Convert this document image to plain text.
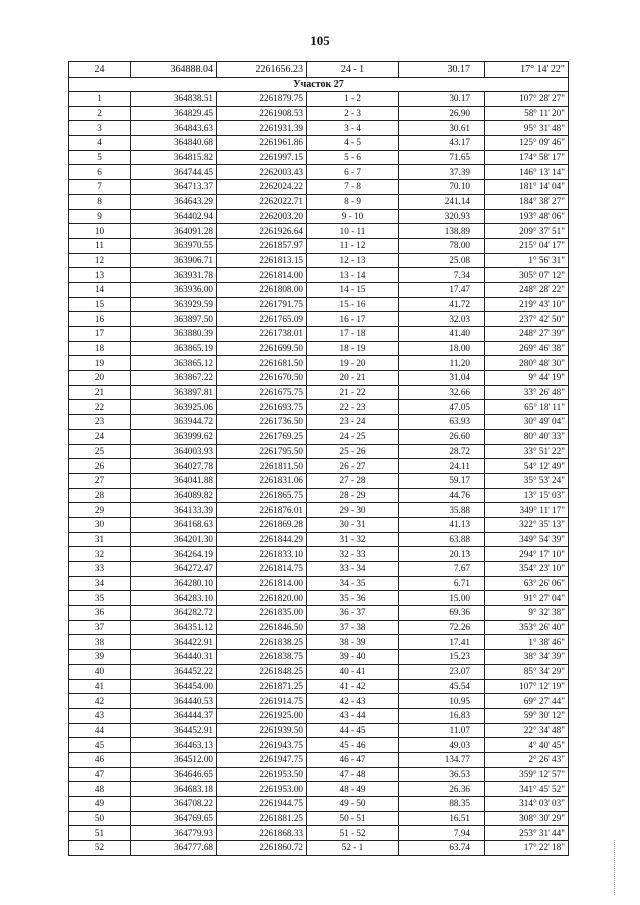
105
24	364888.04	2261656.23	24 - 1	30.17	17° 14' 22"
Участок 27					
1	364838.51	2261879.75	1 - 2	30.17	107° 28' 27"
2	364829.45	2261908.53	2 - 3	26.90	58° 11' 20"
3	364843.63	2261931.39	3 - 4	30.61	95° 31' 48"
4	364840.68	2261961.86	4 - 5	43.17	125° 09' 46"
5	364815.82	2261997.15	5 - 6	71.65	174° 58' 17"
6	364744.45	2262003.43	6 - 7	37.39	146° 13' 14"
7	364713.37	2262024.22	7 - 8	70.10	181° 14' 04"
8	364643.29	2262022.71	8 - 9	241.14	184° 38' 27"
9	364402.94	2262003.20	9 - 10	320.93	193° 48' 06"
10	364091.28	2261926.64	10 - 11	138.89	209° 37' 51"
11	363970.55	2261857.97	11 - 12	78.00	215° 04' 17"
12	363906.71	2261813.15	12 - 13	25.08	1° 56' 31"
13	363931.78	2261814.00	13 - 14	7.34	305° 07' 12"
14	363936.00	2261808.00	14 - 15	17.47	248° 28' 22"
15	363929.59	2261791.75	15 - 16	41.72	219° 43' 10"
16	363897.50	2261765.09	16 - 17	32.03	237° 42' 50"
17	363880.39	2261738.01	17 - 18	41.40	248° 27' 39"
18	363865.19	2261699.50	18 - 19	18.00	269° 46' 38"
19	363865.12	2261681.50	19 - 20	11.20	280° 48' 30"
20	363867.22	2261670.50	20 - 21	31.04	9° 44' 19"
21	363897.81	2261675.75	21 - 22	32.66	33° 26' 48"
22	363925.06	2261693.75	22 - 23	47.05	65° 18' 11"
23	363944.72	2261736.50	23 - 24	63.93	30° 49' 04"
24	363999.62	2261769.25	24 - 25	26.60	80° 40' 33"
25	364003.93	2261795.50	25 - 26	28.72	33° 51' 22"
26	364027.78	2261811.50	26 - 27	24.11	54° 12' 49"
27	364041.88	2261831.06	27 - 28	59.17	35° 53' 24"
28	364089.82	2261865.75	28 - 29	44.76	13° 15' 03"
29	364133.39	2261876.01	29 - 30	35.88	349° 11' 17"
30	364168.63	2261869.28	30 - 31	41.13	322° 35' 13"
31	364201.30	2261844.29	31 - 32	63.88	349° 54' 39"
32	364264.19	2261833.10	32 - 33	20.13	294° 17' 10"
33	364272.47	2261814.75	33 - 34	7.67	354° 23' 10"
34	364280.10	2261814.00	34 - 35	6.71	63° 26' 06"
35	364283.10	2261820.00	35 - 36	15.00	91° 27' 04"
36	364282.72	2261835.00	36 - 37	69.36	9° 32' 38"
37	364351.12	2261846.50	37 - 38	72.26	353° 26' 40"
38	364422.91	2261838.25	38 - 39	17.41	1° 38' 46"
39	364440.31	2261838.75	39 - 40	15.23	38° 34' 39"
40	364452.22	2261848.25	40 - 41	23.07	85° 34' 29"
41	364454.00	2261871.25	41 - 42	45.54	107° 12' 19"
42	364440.53	2261914.75	42 - 43	10.95	69° 27' 44"
43	364444.37	2261925.00	43 - 44	16.83	59° 30' 12"
44	364452.91	2261939.50	44 - 45	11.07	22° 34' 48"
45	364463.13	2261943.75	45 - 46	49.03	4° 40' 45"
46	364512.00	2261947.75	46 - 47	134.77	2° 26' 43"
47	364646.65	2261953.50	47 - 48	36.53	359° 12' 57"
48	364683.18	2261953.00	48 - 49	26.36	341° 45' 52"
49	364708.22	2261944.75	49 - 50	88.35	314° 03' 03"
50	364769.65	2261881.25	50 - 51	16.51	308° 30' 29"
51	364779.93	2261868.33	51 - 52	7.94	253° 31' 44"
52	364777.68	2261860.72	52 - 1	63.74	17° 22' 18"
